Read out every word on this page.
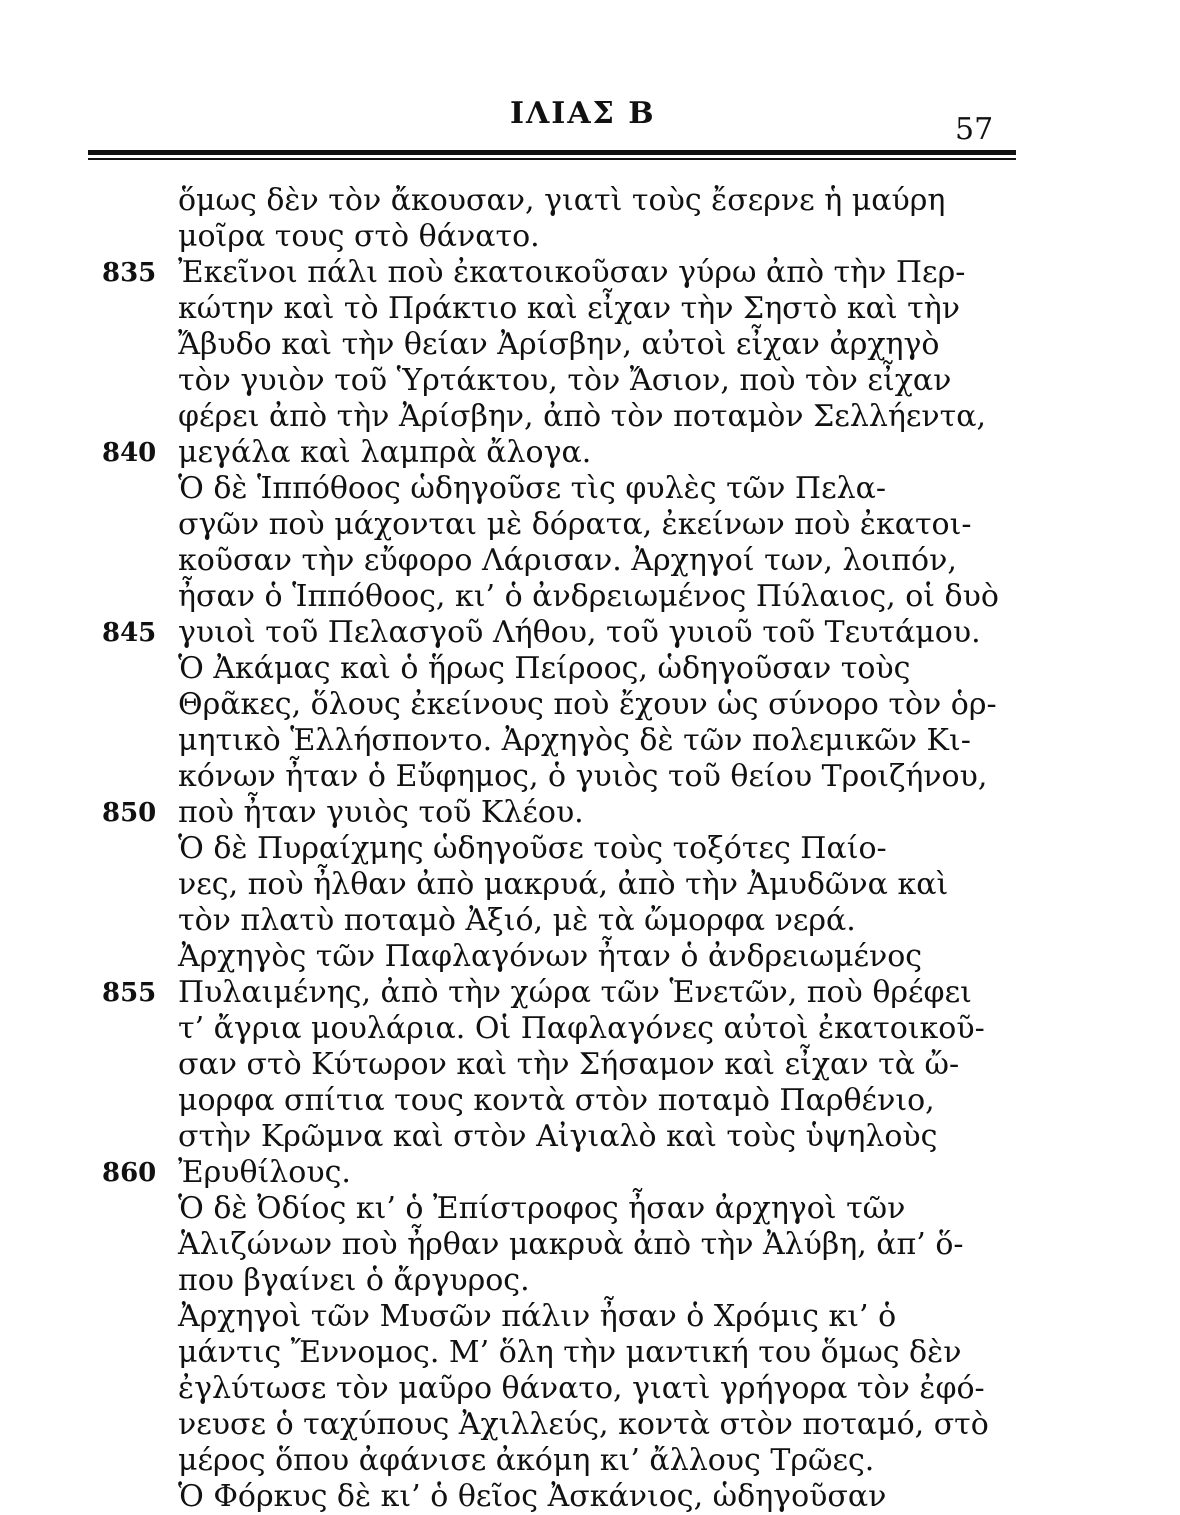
ΙΛΙΑΣ Β	57
ὅμως δὲν τὸν ἄκουσαν, γιατὶ τοὺς ἔσερνε ἡ μαύρη
μοῖρα τους στὸ θάνατο.
Ἐκεῖνοι πάλι ποὺ ἐκατοικοῦσαν γύρω ἀπὸ τὴν Περ-
κώτην καὶ τὸ Πράκτιο καὶ εἶχαν τὴν Σηστὸ καὶ τὴν
Ἄβυδο καὶ τὴν θείαν Ἀρίσβην, αὐτοὶ εἶχαν ἀρχηγὸ
τὸν γυιὸν τοῦ Ὑρτάκτου, τὸν Ἄσιον, ποὺ τὸν εἶχαν
φέρει ἀπὸ τὴν Ἀρίσβην, ἀπὸ τὸν ποταμὸν Σελλήεντα,
μεγάλα καὶ λαμπρὰ ἄλογα.
Ὁ δὲ Ἱππόθοος ὡδηγοῦσε τὶς φυλὲς τῶν Πελα-
σγῶν ποὺ μάχονται μὲ δόρατα, ἐκείνων ποὺ ἐκατοι-
κοῦσαν τὴν εὔφορο Λάρισαν. Ἀρχηγοί των, λοιπόν,
ἦσαν ὁ Ἱππόθοος, κι’ ὁ ἀνδρειωμένος Πύλαιος, οἱ δυὸ
γυιοὶ τοῦ Πελασγοῦ Λήθου, τοῦ γυιοῦ τοῦ Τευτάμου.
Ὁ Ἀκάμας καὶ ὁ ἥρως Πείροος, ὡδηγοῦσαν τοὺς
Θρᾶκες, ὅλους ἐκείνους ποὺ ἔχουν ὡς σύνορο τὸν ὁρ-
μητικὸ Ἑλλήσποντο. Ἀρχηγὸς δὲ τῶν πολεμικῶν Κι-
κόνων ἦταν ὁ Εὔφημος, ὁ γυιὸς τοῦ θείου Τροιζήνου,
ποὺ ἦταν γυιὸς τοῦ Κλέου.
Ὁ δὲ Πυραίχμης ὡδηγοῦσε τοὺς τοξότες Παίο-
νες, ποὺ ἦλθαν ἀπὸ μακρυά, ἀπὸ τὴν Ἀμυδῶνα καὶ
τὸν πλατὺ ποταμὸ Ἀξιό, μὲ τὰ ὤμορφα νερά.
Ἀρχηγὸς τῶν Παφλαγόνων ἦταν ὁ ἀνδρειωμένος
Πυλαιμένης, ἀπὸ τὴν χώρα τῶν Ἑνετῶν, ποὺ θρέφει
τ’ ἄγρια μουλάρια. Οἱ Παφλαγόνες αὐτοὶ ἐκατοικοῦ-
σαν στὸ Κύτωρον καὶ τὴν Σήσαμον καὶ εἶχαν τὰ ὤ-
μορφα σπίτια τους κοντὰ στὸν ποταμὸ Παρθένιο,
στὴν Κρῶμνα καὶ στὸν Αἰγιαλὸ καὶ τοὺς ὑψηλοὺς
Ἐρυθίλους.
Ὁ δὲ Ὀδίος κι’ ὁ Ἐπίστροφος ἦσαν ἀρχηγοὶ τῶν
Ἁλιζώνων ποὺ ἦρθαν μακρυὰ ἀπὸ τὴν Ἀλύβη, ἀπ’ ὅ-
που βγαίνει ὁ ἄργυρος.
Ἀρχηγοὶ τῶν Μυσῶν πάλιν ἦσαν ὁ Χρόμις κι’ ὁ
μάντις Ἔννομος. Μ’ ὅλη τὴν μαντική του ὅμως δὲν
ἐγλύτωσε τὸν μαῦρο θάνατο, γιατὶ γρήγορα τὸν ἐφό-
νευσε ὁ ταχύπους Ἀχιλλεύς, κοντὰ στὸν ποταμό, στὸ
μέρος ὅπου ἀφάνισε ἀκόμη κι’ ἄλλους Τρῶες.
Ὁ Φόρκυς δὲ κι’ ὁ θεῖος Ἀσκάνιος, ὡδηγοῦσαν
835
840
845
850
855
860
